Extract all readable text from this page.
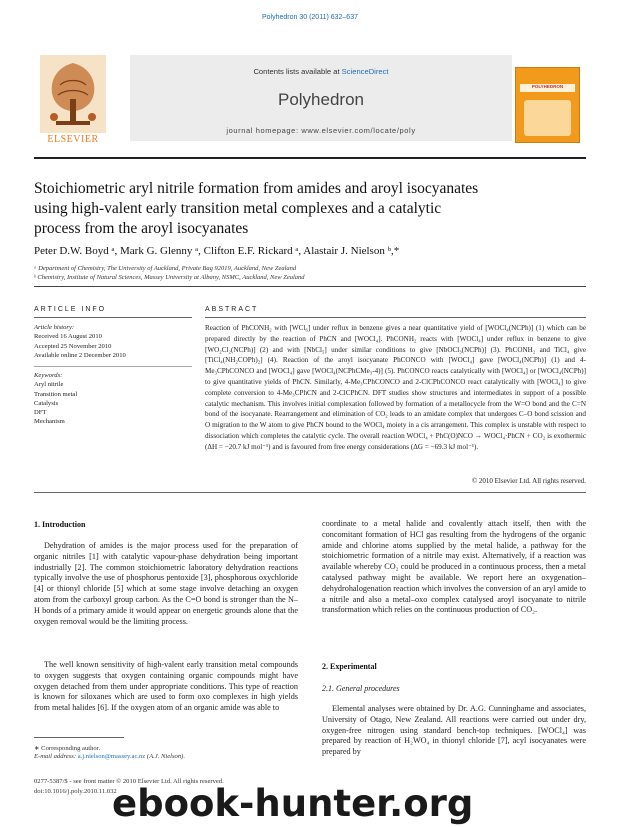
Polyhedron 30 (2011) 632–637
ELSEVIER
Contents lists available at ScienceDirect
Polyhedron
journal homepage: www.elsevier.com/locate/poly
POLYHEDRON
Stoichiometric aryl nitrile formation from amides and aroyl isocyanates
using high-valent early transition metal complexes and a catalytic
process from the aroyl isocyanates
Peter D.W. Boyd ᵃ, Mark G. Glenny ᵃ, Clifton E.F. Rickard ᵃ, Alastair J. Nielson ᵇ,*
ᵃ Department of Chemistry, The University of Auckland, Private Bag 92019, Auckland, New Zealand
ᵇ Chemistry, Institute of Natural Sciences, Massey University at Albany, NSMC, Auckland, New Zealand
ARTICLE INFO	ABSTRACT
Article history:
Received 16 August 2010
Accepted 25 November 2010
Available online 2 December 2010
Keywords:
Aryl nitrile
Transition metal
Catalysis
DFT
Mechanism
Reaction of PhCONH₂ with [WCl₆] under reflux in benzene gives a near quantitative yield of [WOCl₄(NCPh)] (1) which can be prepared directly by the reaction of PhCN and [WOCl₄]. PhCONH₂ reacts with [WOCl₄] under reflux in benzene to give [WO₂Cl₂(NCPh)] (2) and with [NbCl₅] under similar conditions to give [NbOCl₃(NCPh)] (3). PhCONH₂ and TiCl₄ give [TiCl₄(NH₂COPh)₂] (4). Reaction of the aroyl isocyanate PhCONCO with [WOCl₄] gave [WOCl₄(NCPh)] (1) and 4-Me₃CPhCONCO and [WOCl₄] gave [WOCl₄(NCPhCMe₃-4)] (5). PhCONCO reacts catalytically with [WOCl₄] or [WOCl₄(NCPh)] to give quantitative yields of PhCN. Similarly, 4-Me₃CPhCONCO and 2-ClCPhCONCO react catalytically with [WOCl₄] to give complete conversion to 4-Me₃CPhCN and 2-ClCPhCN. DFT studies show structures and intermediates in support of a possible catalytic mechanism. This involves initial complexation followed by formation of a metallocycle from the W=O bond and the C=N bond of the isocyanate. Rearrangement and elimination of CO₂ leads to an amidate complex that undergoes C–O bond scission and O migration to the W atom to give PhCN bound to the WOCl₄ moiety in a cis arrangement. This complex is unstable with respect to dissociation which completes the catalytic cycle. The overall reaction WOCl₄ + PhC(O)NCO → WOCl₄·PhCN + CO₂ is exothermic (ΔH = −20.7 kJ mol⁻¹) and is favoured from free energy considerations (ΔG = −69.3 kJ mol⁻¹).
© 2010 Elsevier Ltd. All rights reserved.
1. Introduction

Dehydration of amides is the major process used for the preparation of organic nitriles [1] with catalytic vapour-phase dehydration being important industrially [2]. The common stoichiometric laboratory dehydration reactions typically involve the use of phosphorus pentoxide [3], phosphorous oxychloride [4] or thionyl chloride [5] which at some stage involve detaching an oxygen atom from the carboxyl group carbon. As the C=O bond is stronger than the N–H bonds of a primary amide it would appear on energetic grounds alone that the oxygen removal would be the limiting process.

The well known sensitivity of high-valent early transition metal compounds to oxygen suggests that oxygen containing organic compounds might have oxygen detached from them under appropriate conditions. This type of reaction is known for siloxanes which are used to form oxo complexes in high yields from metal halides [6]. If the oxygen atom of an organic amide was able to

coordinate to a metal halide and covalently attach itself, then with the concomitant formation of HCl gas resulting from the hydrogens of the organic amide and chlorine atoms supplied by the metal halide, a pathway for the stoichiometric formation of a nitrile may exist. Alternatively, if a reaction was available whereby CO₂ could be produced in a continuous process, then a metal catalysed pathway might be available. We report here an oxygenation–dehydrohalogenation reaction which involves the conversion of an aryl amide to a nitrile and also a metal–oxo complex catalysed aroyl isocyanate to nitrile transformation which relies on the continuous production of CO₂.

2. Experimental
2.1. General procedures

Elemental analyses were obtained by Dr. A.G. Cunninghame and associates, University of Otago, New Zealand. All reactions were carried out under dry, oxygen-free nitrogen using standard bench-top techniques. [WOCl₄] was prepared by reaction of H₂WO₄ in thionyl chloride [7], acyl isocyanates were prepared by

∗ Corresponding author.
E-mail address: a.j.nielson@massey.ac.nz (A.J. Nielson).
0277-5387/$ - see front matter © 2010 Elsevier Ltd. All rights reserved.
doi:10.1016/j.poly.2010.11.032
ebook-hunter.org
